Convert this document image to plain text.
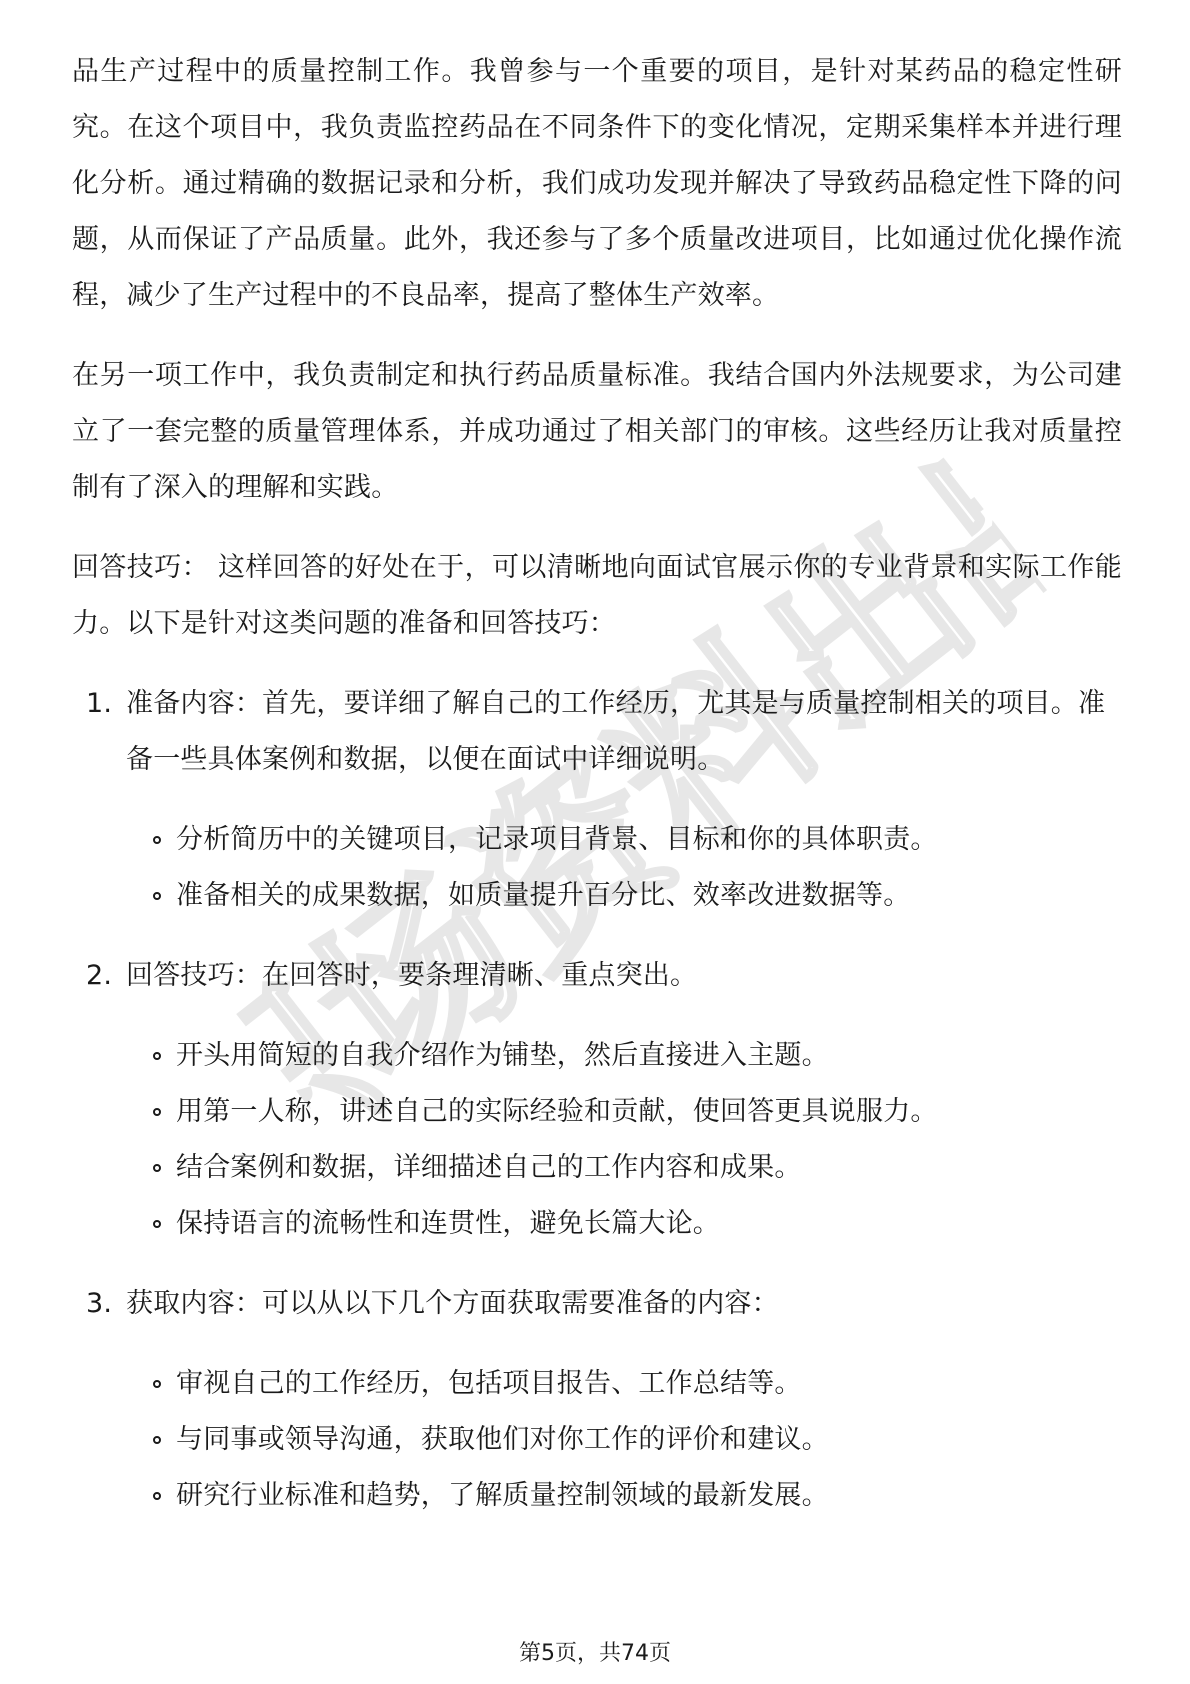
职场资料出品

品生产过程中的质量控制工作。我曾参与一个重要的项目，是针对某药品的稳定性研究。在这个项目中，我负责监控药品在不同条件下的变化情况，定期采集样本并进行理化分析。通过精确的数据记录和分析，我们成功发现并解决了导致药品稳定性下降的问题，从而保证了产品质量。此外，我还参与了多个质量改进项目，比如通过优化操作流程，减少了生产过程中的不良品率，提高了整体生产效率。

在另一项工作中，我负责制定和执行药品质量标准。我结合国内外法规要求，为公司建立了一套完整的质量管理体系，并成功通过了相关部门的审核。这些经历让我对质量控制有了深入的理解和实践。

回答技巧： 这样回答的好处在于，可以清晰地向面试官展示你的专业背景和实际工作能力。以下是针对这类问题的准备和回答技巧：

1. 准备内容：首先，要详细了解自己的工作经历，尤其是与质量控制相关的项目。准备一些具体案例和数据，以便在面试中详细说明。
分析简历中的关键项目，记录项目背景、目标和你的具体职责。
准备相关的成果数据，如质量提升百分比、效率改进数据等。
2. 回答技巧：在回答时，要条理清晰、重点突出。
开头用简短的自我介绍作为铺垫，然后直接进入主题。
用第一人称，讲述自己的实际经验和贡献，使回答更具说服力。
结合案例和数据，详细描述自己的工作内容和成果。
保持语言的流畅性和连贯性，避免长篇大论。
3. 获取内容：可以从以下几个方面获取需要准备的内容：
审视自己的工作经历，包括项目报告、工作总结等。
与同事或领导沟通，获取他们对你工作的评价和建议。
研究行业标准和趋势，了解质量控制领域的最新发展。
第5页，共74页
